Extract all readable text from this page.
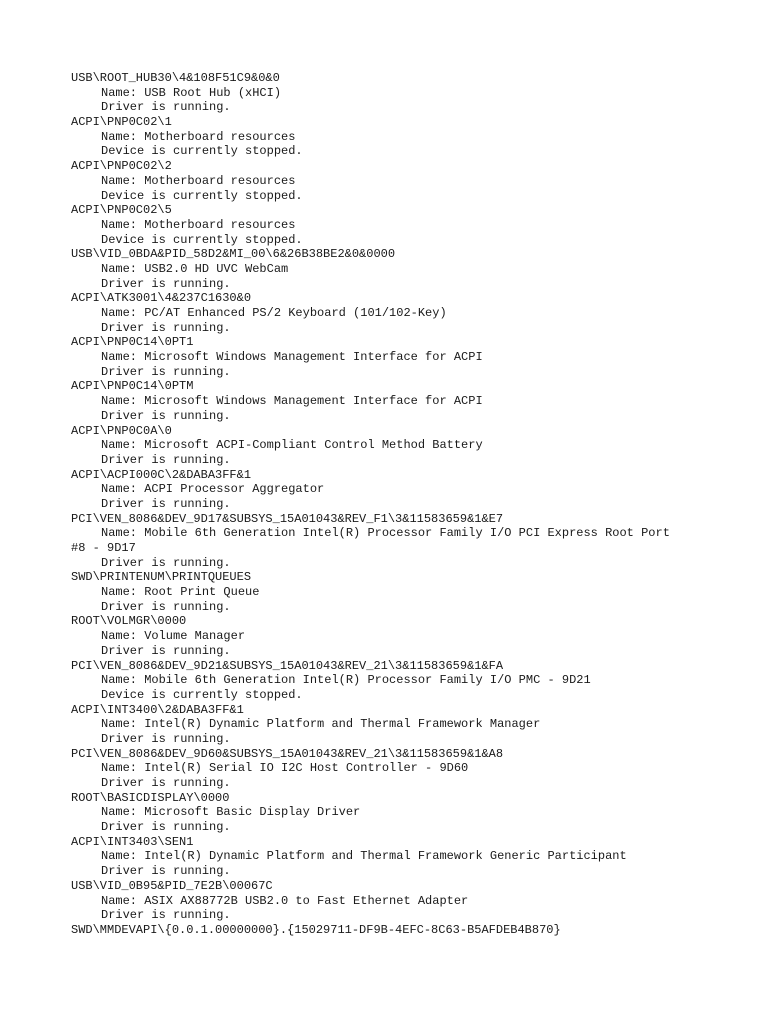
USB\ROOT_HUB30\4&108F51C9&0&0
Name: USB Root Hub (xHCI)
Driver is running.
ACPI\PNP0C02\1
Name: Motherboard resources
Device is currently stopped.
ACPI\PNP0C02\2
Name: Motherboard resources
Device is currently stopped.
ACPI\PNP0C02\5
Name: Motherboard resources
Device is currently stopped.
USB\VID_0BDA&PID_58D2&MI_00\6&26B38BE2&0&0000
Name: USB2.0 HD UVC WebCam
Driver is running.
ACPI\ATK3001\4&237C1630&0
Name: PC/AT Enhanced PS/2 Keyboard (101/102-Key)
Driver is running.
ACPI\PNP0C14\0PT1
Name: Microsoft Windows Management Interface for ACPI
Driver is running.
ACPI\PNP0C14\0PTM
Name: Microsoft Windows Management Interface for ACPI
Driver is running.
ACPI\PNP0C0A\0
Name: Microsoft ACPI-Compliant Control Method Battery
Driver is running.
ACPI\ACPI000C\2&DABA3FF&1
Name: ACPI Processor Aggregator
Driver is running.
PCI\VEN_8086&DEV_9D17&SUBSYS_15A01043&REV_F1\3&11583659&1&E7
Name: Mobile 6th Generation Intel(R) Processor Family I/O PCI Express Root Port
#8 - 9D17
Driver is running.
SWD\PRINTENUM\PRINTQUEUES
Name: Root Print Queue
Driver is running.
ROOT\VOLMGR\0000
Name: Volume Manager
Driver is running.
PCI\VEN_8086&DEV_9D21&SUBSYS_15A01043&REV_21\3&11583659&1&FA
Name: Mobile 6th Generation Intel(R) Processor Family I/O PMC - 9D21
Device is currently stopped.
ACPI\INT3400\2&DABA3FF&1
Name: Intel(R) Dynamic Platform and Thermal Framework Manager
Driver is running.
PCI\VEN_8086&DEV_9D60&SUBSYS_15A01043&REV_21\3&11583659&1&A8
Name: Intel(R) Serial IO I2C Host Controller - 9D60
Driver is running.
ROOT\BASICDISPLAY\0000
Name: Microsoft Basic Display Driver
Driver is running.
ACPI\INT3403\SEN1
Name: Intel(R) Dynamic Platform and Thermal Framework Generic Participant
Driver is running.
USB\VID_0B95&PID_7E2B\00067C
Name: ASIX AX88772B USB2.0 to Fast Ethernet Adapter
Driver is running.
SWD\MMDEVAPI\{0.0.1.00000000}.{15029711-DF9B-4EFC-8C63-B5AFDEB4B870}
